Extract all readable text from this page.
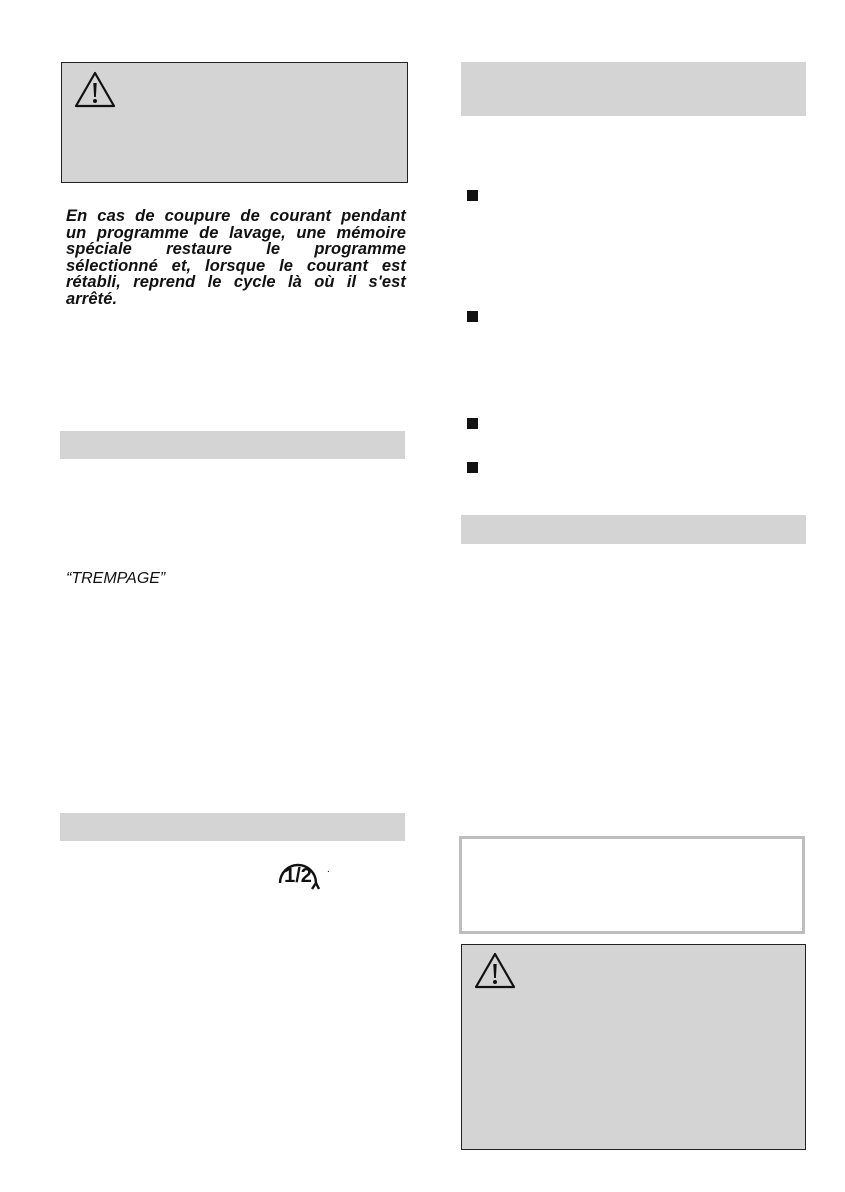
En cas de coupure de courant pendant
un programme de lavage, une mémoire
spéciale restaure le programme
sélectionné et, lorsque le courant est
rétabli, reprend le cycle là où il s'est
arrêté.
“TREMPAGE”
1/2 .
